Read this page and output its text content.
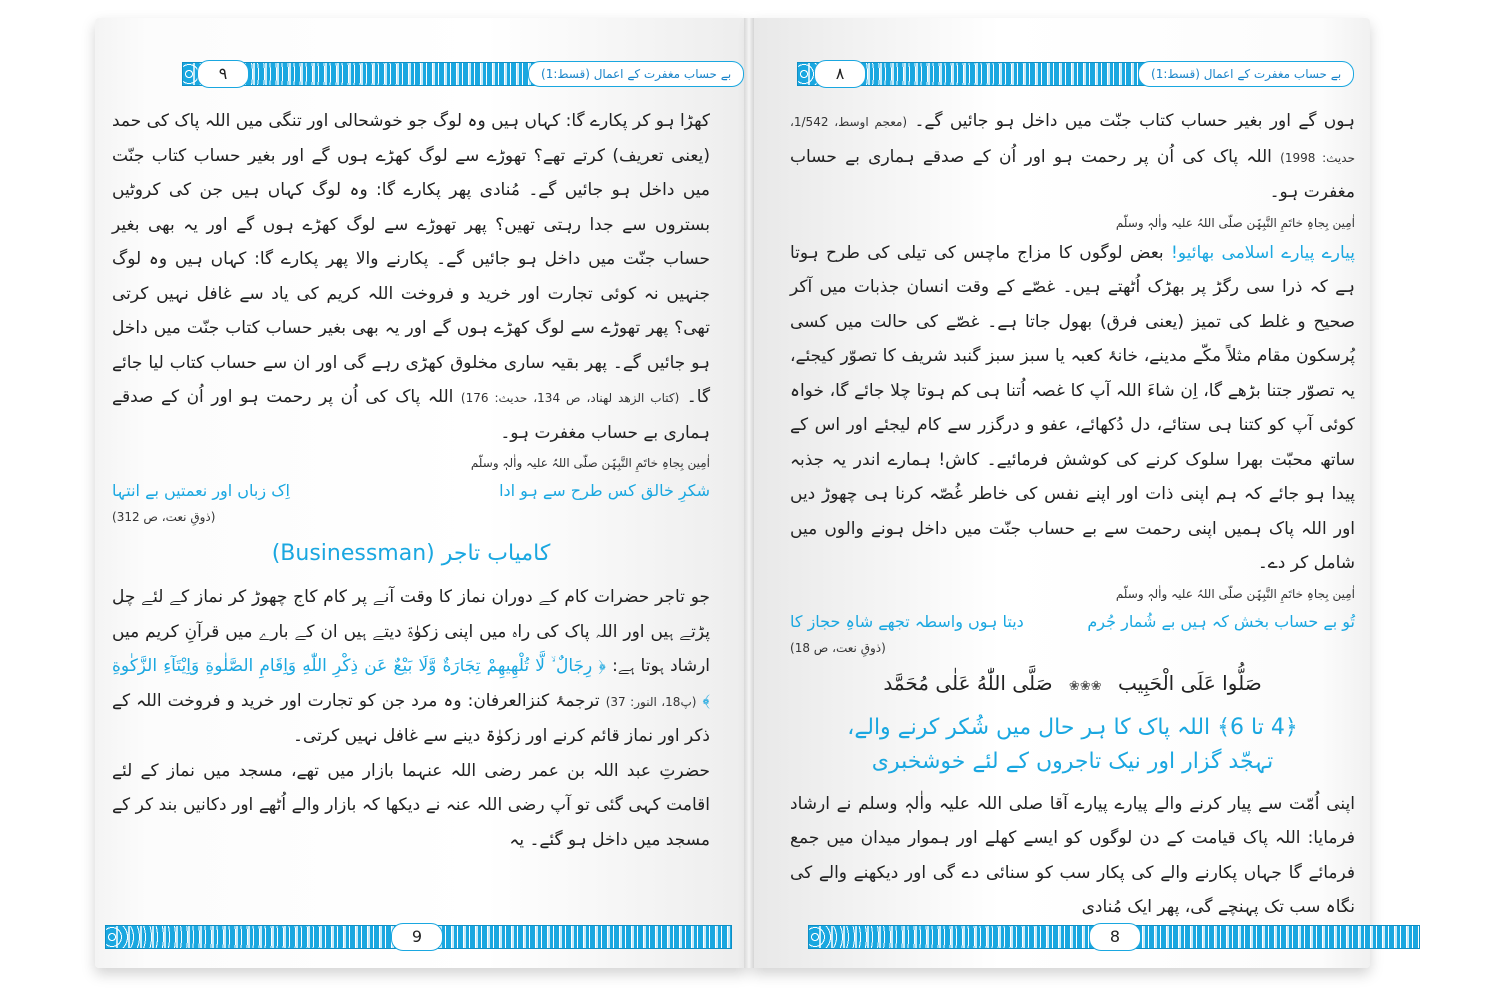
۹	بے حساب مغفرت کے اعمال (قسط:1)	۸	بے حساب مغفرت کے اعمال (قسط:1)

کھڑا ہو کر پکارے گا: کہاں ہیں وہ لوگ جو خوشحالی اور تنگی میں اللہ پاک کی حمد (یعنی تعریف) کرتے تھے؟ تھوڑے سے لوگ کھڑے ہوں گے اور بغیر حساب کتاب جنّت میں داخل ہو جائیں گے۔ مُنادی پھر پکارے گا: وہ لوگ کہاں ہیں جن کی کروٹیں بستروں سے جدا رہتی تھیں؟ پھر تھوڑے سے لوگ کھڑے ہوں گے اور یہ بھی بغیر حساب جنّت میں داخل ہو جائیں گے۔ پکارنے والا پھر پکارے گا: کہاں ہیں وہ لوگ جنہیں نہ کوئی تجارت اور خرید و فروخت اللہ کریم کی یاد سے غافل نہیں کرتی تھی؟ پھر تھوڑے سے لوگ کھڑے ہوں گے اور یہ بھی بغیر حساب کتاب جنّت میں داخل ہو جائیں گے۔ پھر بقیہ ساری مخلوق کھڑی رہے گی اور ان سے حساب کتاب لیا جائے گا۔ (کتاب الزھد لھناد، ص 134، حدیث: 176) اللہ پاک کی اُن پر رحمت ہو اور اُن کے صدقے ہماری بے حساب مغفرت ہو۔

اٰمِین بِجاہِ خاتَمِ النَّبِیّٖن صلّی اللہُ علیہ واٰلہٖ وسلّم
شکرِ خالق کس طرح سے ہو ادا
اِک زباں اور نعمتیں بے انتہا
(ذوقِ نعت، ص 312)
کامیاب تاجر (Businessman)

جو تاجر حضرات کام کے دوران نماز کا وقت آنے پر کام کاج چھوڑ کر نماز کے لئے چل پڑتے ہیں اور اللہ پاک کی راہ میں اپنی زکوٰۃ دیتے ہیں ان کے بارے میں قرآنِ کریم میں ارشاد ہوتا ہے: ﴿ رِجَالٌ ۙ لَّا تُلْهِيهِمْ تِجَارَةٌ وَّلَا بَيْعٌ عَن ذِكْرِ اللّٰهِ وَاِقَامِ الصَّلٰوةِ وَاِيْتَآءِ الزَّكٰوةِ ﴾ (پ18، النور: 37) ترجمۂ کنزالعرفان: وہ مرد جن کو تجارت اور خرید و فروخت اللہ کے ذکر اور نماز قائم کرنے اور زکوٰۃ دینے سے غافل نہیں کرتی۔

حضرتِ عبد اللہ بن عمر رضی اللہ عنہما بازار میں تھے، مسجد میں نماز کے لئے اقامت کہی گئی تو آپ رضی اللہ عنہ نے دیکھا کہ بازار والے اُٹھے اور دکانیں بند کر کے مسجد میں داخل ہو گئے۔ یہ

ہوں گے اور بغیر حساب کتاب جنّت میں داخل ہو جائیں گے۔ (معجم اوسط، 1/542، حدیث: 1998) اللہ پاک کی اُن پر رحمت ہو اور اُن کے صدقے ہماری بے حساب مغفرت ہو۔

اٰمِین بِجاہِ خاتَمِ النَّبِیّٖن صلّی اللہُ علیہ واٰلہٖ وسلّم

پیارے پیارے اسلامی بھائیو! بعض لوگوں کا مزاج ماچس کی تیلی کی طرح ہوتا ہے کہ ذرا سی رگڑ پر بھڑک اُٹھتے ہیں۔ غصّے کے وقت انسان جذبات میں آکر صحیح و غلط کی تمیز (یعنی فرق) بھول جاتا ہے۔ غصّے کی حالت میں کسی پُرسکون مقام مثلاً مکّے مدینے، خانۂ کعبہ یا سبز سبز گنبد شریف کا تصوّر کیجئے، یہ تصوّر جتنا بڑھے گا، اِن شاءَ اللہ آپ کا غصہ اُتنا ہی کم ہوتا چلا جائے گا، خواہ کوئی آپ کو کتنا ہی ستائے، دل دُکھائے، عفو و درگزر سے کام لیجئے اور اس کے ساتھ محبّت بھرا سلوک کرنے کی کوشش فرمائیے۔ کاش! ہمارے اندر یہ جذبہ پیدا ہو جائے کہ ہم اپنی ذات اور اپنے نفس کی خاطر غُصّہ کرنا ہی چھوڑ دیں اور اللہ پاک ہمیں اپنی رحمت سے بے حساب جنّت میں داخل ہونے والوں میں شامل کر دے۔

اٰمِین بِجاہِ خاتَمِ النَّبِیّٖن صلّی اللہُ علیہ واٰلہٖ وسلّم
تُو بے حساب بخش کہ ہیں بے شُمار جُرم
دیتا ہوں واسطہ تجھے شاہِ حجاز کا
(ذوقِ نعت، ص 18)
صَلُّوا عَلَى الْحَبِيب ❀❀❀ صَلَّى اللّٰهُ عَلٰى مُحَمَّد
﴿4 تا 6﴾ اللہ پاک کا ہر حال میں شُکر کرنے والے،
تہجّد گزار اور نیک تاجروں کے لئے خوشخبری

اپنی اُمّت سے پیار کرنے والے پیارے پیارے آقا صلی اللہ علیہ واٰلہٖ وسلم نے ارشاد فرمایا: اللہ پاک قیامت کے دن لوگوں کو ایسے کھلے اور ہموار میدان میں جمع فرمائے گا جہاں پکارنے والے کی پکار سب کو سنائی دے گی اور دیکھنے والے کی نگاہ سب تک پہنچے گی، پھر ایک مُنادی

9	8
